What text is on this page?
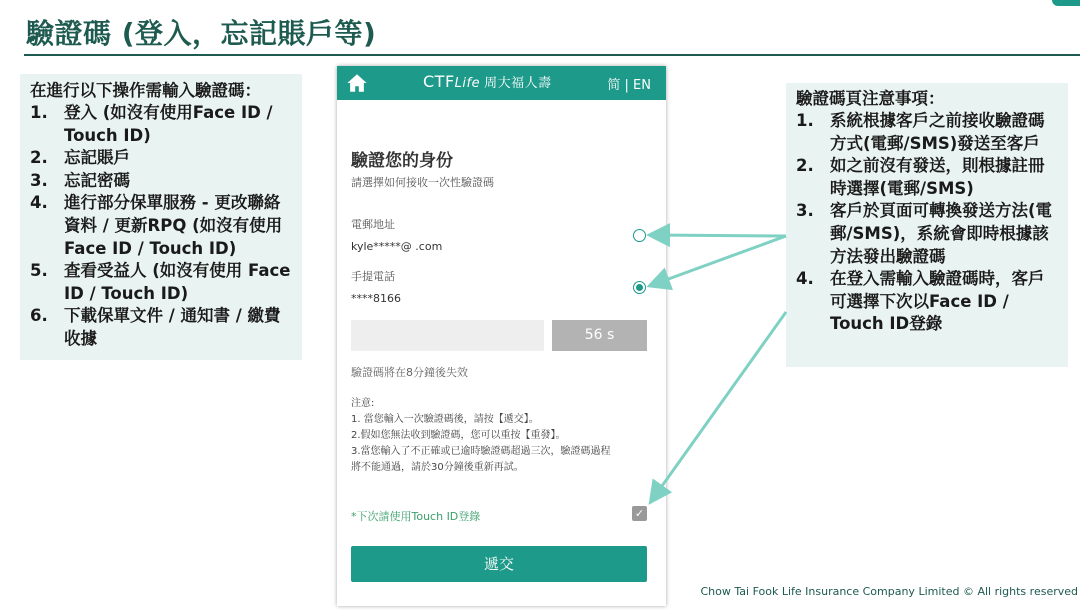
驗證碼 (登入，忘記賬戶等)
在進行以下操作需輸入驗證碼：
1. 登入 (如沒有使用Face ID / Touch ID)
2. 忘記賬戶
3. 忘記密碼
4. 進行部分保單服務 - 更改聯絡資料 / 更新RPQ (如沒有使用Face ID / Touch ID)
5. 查看受益人 (如沒有使用 Face ID / Touch ID)
6. 下載保單文件 / 通知書 / 繳費收據
CTFLife 周大福人壽	简 | EN
驗證您的身份
請選擇如何接收一次性驗證碼
電郵地址
kyle*****@ .com
手提電話
****8166
56 s
驗證碼將在8分鐘後失效
注意:
1. 當您輸入一次驗證碼後，請按【遞交】。
2.假如您無法收到驗證碼，您可以重按【重發】。
3.當您輸入了不正確或已逾時驗證碼超過三次，驗證碼過程
將不能通過，請於30分鐘後重新再試。
*下次請使用Touch ID登錄	✓
遞交
驗證碼頁注意事項：
1. 系統根據客戶之前接收驗證碼方式(電郵/SMS)發送至客戶
2. 如之前沒有發送，則根據註冊時選擇(電郵/SMS)
3. 客戶於頁面可轉換發送方法(電郵/SMS)，系統會即時根據該方法發出驗證碼
4. 在登入需輸入驗證碼時，客戶可選擇下次以Face ID / Touch ID登錄
Chow Tai Fook Life Insurance Company Limited © All rights reserved
